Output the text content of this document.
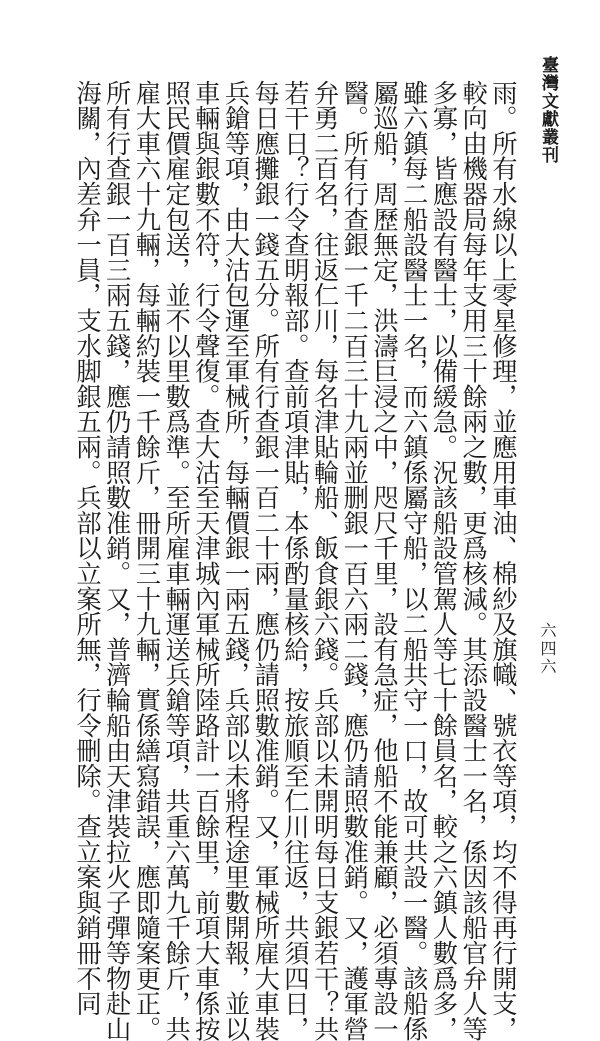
臺灣文獻叢刊
六四六
雨。所有水線以上零星修理，並應用車油、棉紗及旗幟、號衣等項，均不得再行開支，
較向由機器局每年支用三十餘兩之數，更爲核減。其添設醫士一名，係因該船官弁人等
多寡，皆應設有醫士，以備緩急。況該船設管駕人等七十餘員名，較之六鎮人數爲多，
雖六鎮每二船設醫士一名，而六鎮係屬守船，以二船共守一口，故可共設一醫。該船係
屬巡船，周歷無定，洪濤巨浸之中，咫尺千里，設有急症，他船不能兼顧，必須專設一
醫。所有行查銀一千二百三十九兩並删銀一百六兩二錢，應仍請照數准銷。又，護軍營
弁勇二百名，往返仁川，每名津貼輪船、飯食銀六錢。兵部以未開明每日支銀若干？共
若干日？行令查明報部。查前項津貼，本係酌量核給，按旅順至仁川往返，共須四日，
每日應攤銀一錢五分。所有行查銀一百二十兩，應仍請照數准銷。又，軍械所雇大車裝
兵鎗等項，由大沽包運至軍械所，每輛價銀一兩五錢，兵部以未將程途里數開報，並以
車輛與銀數不符，行令聲復。查大沽至天津城內軍械所陸路計一百餘里，前項大車係按
照民價雇定包送，並不以里數爲準。至所雇車輛運送兵鎗等項，共重六萬九千餘斤，共
雇大車六十九輛，每輛約裝一千餘斤，冊開三十九輛，實係繕寫錯誤，應即隨案更正。
所有行查銀一百三兩五錢，應仍請照數准銷。又，普濟輪船由天津裝拉火子彈等物赴山
海關，內差弁一員，支水脚銀五兩。兵部以立案所無，行令刪除。查立案與銷冊不同
